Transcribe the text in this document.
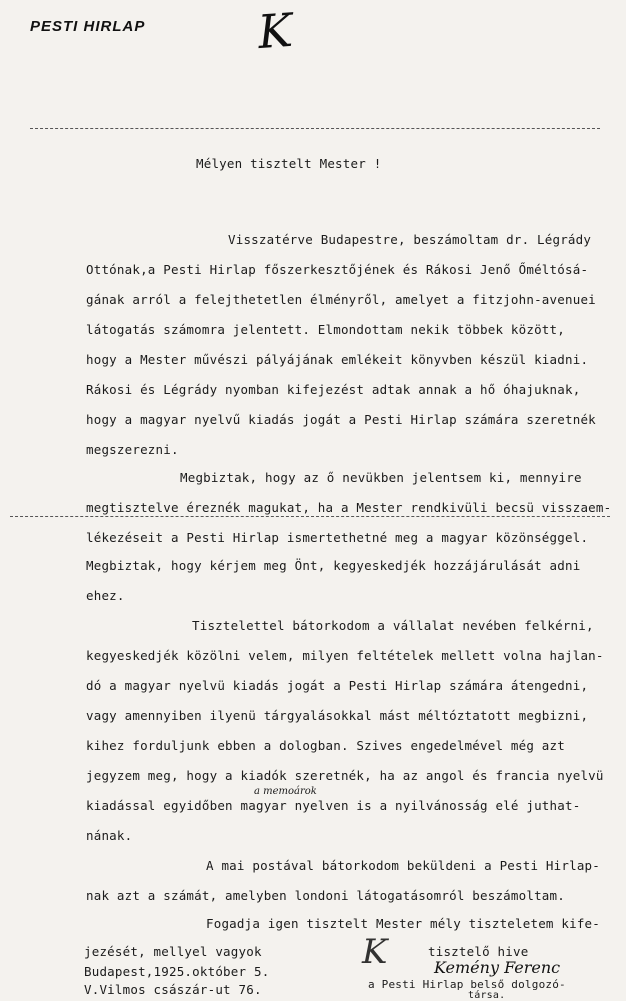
PESTI HIRLAP K
Mélyen tisztelt Mester !
Visszatérve Budapestre, beszámoltam dr. Légrády
Ottónak,a Pesti Hirlap főszerkesztőjének és Rákosi Jenő Őméltósá-
gának arról a felejthetetlen élményről, amelyet a fitzjohn-avenuei
látogatás számomra jelentett. Elmondottam nekik többek között,
hogy a Mester művészi pályájának emlékeit könyvben készül kiadni.
Rákosi és Légrády nyomban kifejezést adtak annak a hő óhajuknak,
hogy a magyar nyelvű kiadás jogát a Pesti Hirlap számára szeretnék
megszerezni.
Megbiztak, hogy az ő nevükben jelentsem ki, mennyire
megtisztelve éreznék magukat, ha a Mester rendkivüli becsü visszaem-
lékezéseit a Pesti Hirlap ismertethetné meg a magyar közönséggel.
Megbiztak, hogy kérjem meg Önt, kegyeskedjék hozzájárulását adni
ehez.
Tisztelettel bátorkodom a vállalat nevében felkérni,
kegyeskedjék közölni velem, milyen feltételek mellett volna hajlan-
dó a magyar nyelvü kiadás jogát a Pesti Hirlap számára átengedni,
vagy amennyiben ilyenü tárgyalásokkal mást méltóztatott megbizni,
kihez forduljunk ebben a dologban. Szives engedelmével még azt
jegyzem meg, hogy a kiadók szeretnék, ha az angol és francia nyelvü
a memoárok
kiadással egyidőben magyar nyelven is a nyilvánosság elé juthat-
nának.
A mai postával bátorkodom beküldeni a Pesti Hirlap-
nak azt a számát, amelyben londoni látogatásomról beszámoltam.
Fogadja igen tisztelt Mester mély tiszteletem kife-
jezését, mellyel vagyok
Budapest,1925.október 5.
V.Vilmos császár-ut 76.
tisztelő hive
Kemény Ferenc
a Pesti Hirlap belső dolgozó-
társa.
K
